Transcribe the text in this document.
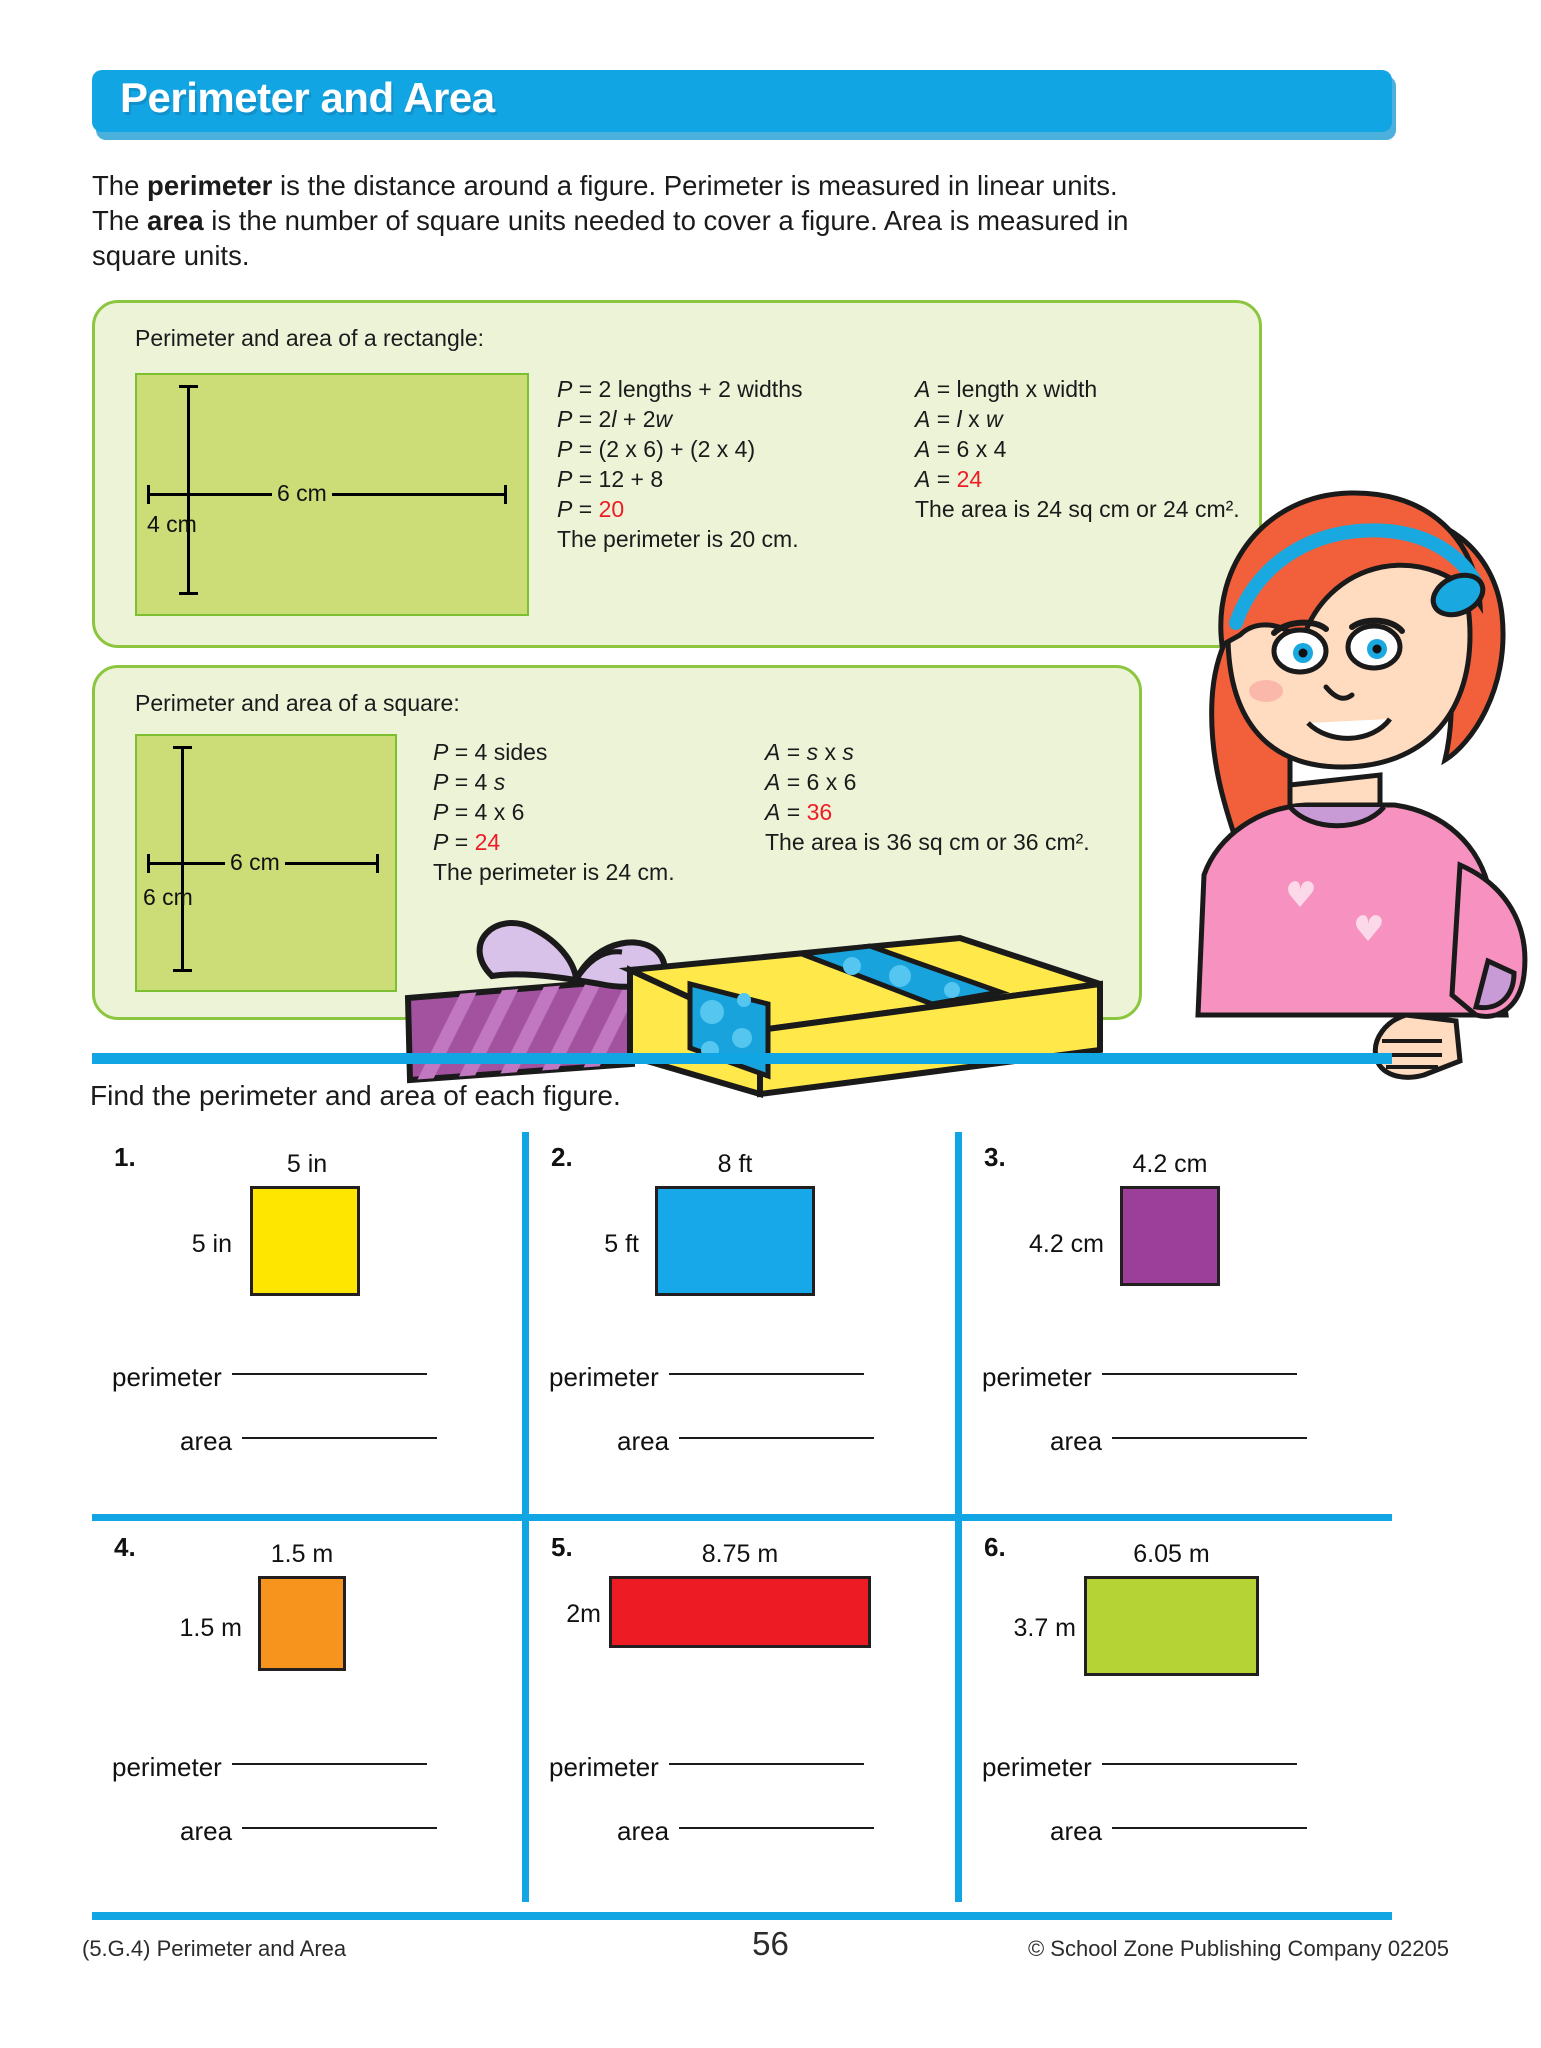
Perimeter and Area
The perimeter is the distance around a figure. Perimeter is measured in linear units.
The area is the number of square units needed to cover a figure. Area is measured in
square units.
Perimeter and area of a rectangle:
6 cm
4 cm
P = 2 lengths + 2 widths
P = 2l + 2w
P = (2 x 6) + (2 x 4)
P = 12 + 8
P = 20
The perimeter is 20 cm.
A = length x width
A = l x w
A = 6 x 4
A = 24
The area is 24 sq cm or 24 cm².
Perimeter and area of a square:
6 cm
6 cm
P = 4 sides
P = 4 s
P = 4 x 6
P = 24
The perimeter is 24 cm.
A = s x s
A = 6 x 6
A = 36
The area is 36 sq cm or 36 cm².
Find the perimeter and area of each figure.
1.	5 in
5 in
perimeter
area
2.	8 ft
5 ft
perimeter
area
3.	4.2 cm
4.2 cm
perimeter
area
4.	1.5 m
1.5 m
perimeter
area
5.	8.75 m
2m
perimeter
area
6.	6.05 m
3.7 m
perimeter
area
(5.G.4) Perimeter and Area	56	© School Zone Publishing Company 02205
